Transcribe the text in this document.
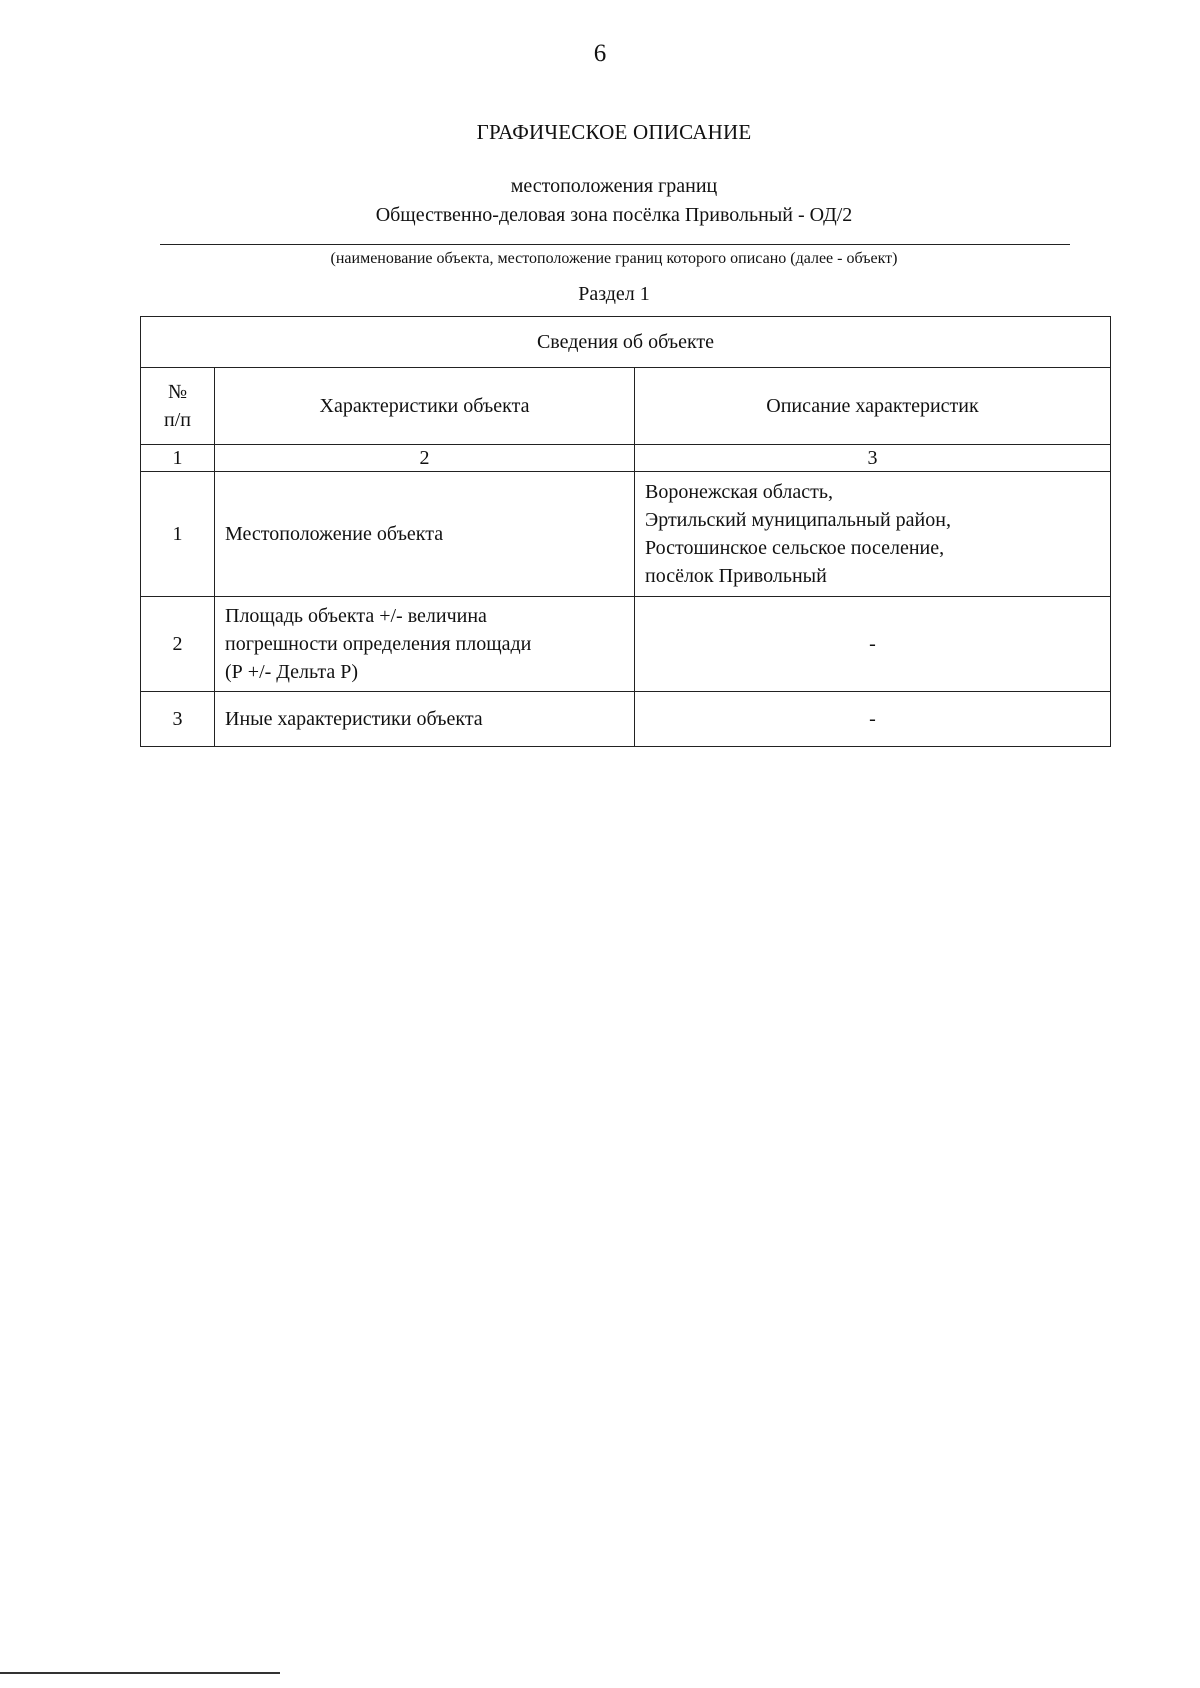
6
ГРАФИЧЕСКОЕ ОПИСАНИЕ
местоположения границ
Общественно-деловая зона посёлка Привольный - ОД/2
(наименование объекта, местоположение границ которого описано (далее - объект)
Раздел 1
Сведения об объекте		

№
п/п	Характеристики объекта	Описание характеристик
1	2	3
1	Местоположение объекта	Воронежская область,
Эртильский муниципальный район,
Ростошинское сельское поселение,
посёлок Привольный

2	Площадь объекта +/- величина
погрешности определения площади
(Р +/- Дельта Р)	-
3	Иные характеристики объекта	-
